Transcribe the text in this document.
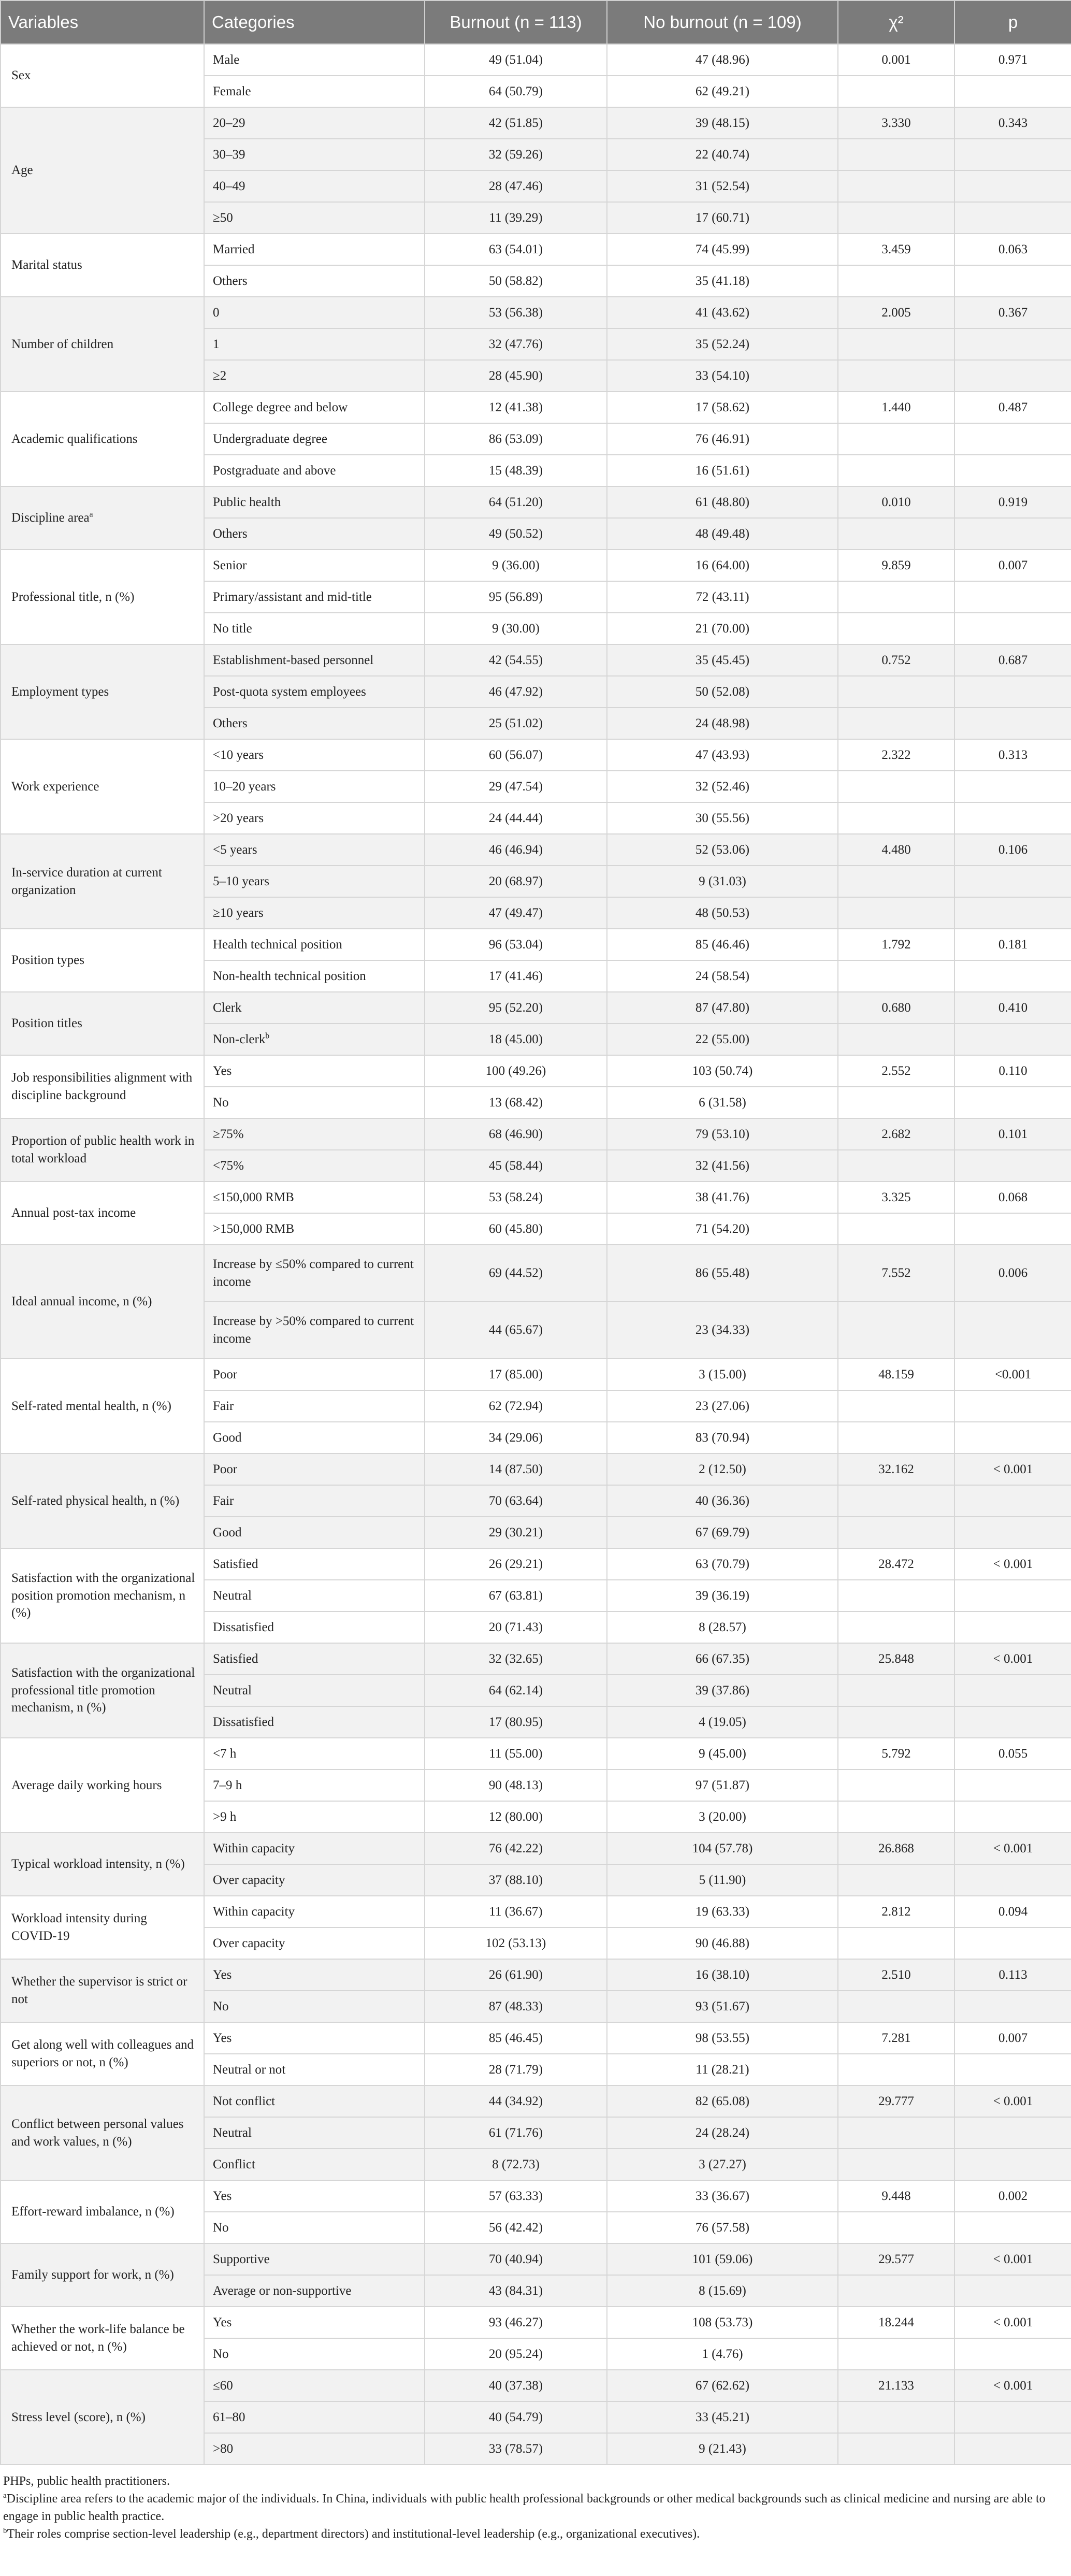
Variables	Categories	Burnout (n = 113)	No burnout (n = 109)	χ²	p
Sex	Male	49 (51.04)	47 (48.96)	0.001	0.971
	Female	64 (50.79)	62 (49.21)		
Age	20–29	42 (51.85)	39 (48.15)	3.330	0.343
	30–39	32 (59.26)	22 (40.74)		
	40–49	28 (47.46)	31 (52.54)		
	≥50	11 (39.29)	17 (60.71)		
Marital status	Married	63 (54.01)	74 (45.99)	3.459	0.063
	Others	50 (58.82)	35 (41.18)		
Number of children	0	53 (56.38)	41 (43.62)	2.005	0.367
	1	32 (47.76)	35 (52.24)		
	≥2	28 (45.90)	33 (54.10)		
Academic qualifications	College degree and below	12 (41.38)	17 (58.62)	1.440	0.487
	Undergraduate degree	86 (53.09)	76 (46.91)		
	Postgraduate and above	15 (48.39)	16 (51.61)		
Discipline area$^a$	Public health	64 (51.20)	61 (48.80)	0.010	0.919
	Others	49 (50.52)	48 (49.48)		
Professional title, n (%)	Senior	9 (36.00)	16 (64.00)	9.859	0.007
	Primary/assistant and mid-title	95 (56.89)	72 (43.11)		
	No title	9 (30.00)	21 (70.00)		
Employment types	Establishment-based personnel	42 (54.55)	35 (45.45)	0.752	0.687
	Post-quota system employees	46 (47.92)	50 (52.08)		
	Others	25 (51.02)	24 (48.98)		
Work experience	<10 years	60 (56.07)	47 (43.93)	2.322	0.313
	10–20 years	29 (47.54)	32 (52.46)		
	>20 years	24 (44.44)	30 (55.56)		
In-service duration at current organization	<5 years	46 (46.94)	52 (53.06)	4.480	0.106
	5–10 years	20 (68.97)	9 (31.03)		
	≥10 years	47 (49.47)	48 (50.53)		
Position types	Health technical position	96 (53.04)	85 (46.46)	1.792	0.181
	Non-health technical position	17 (41.46)	24 (58.54)		
Position titles	Clerk	95 (52.20)	87 (47.80)	0.680	0.410
	Non-clerk$^b$	18 (45.00)	22 (55.00)		
Job responsibilities alignment with discipline background	Yes	100 (49.26)	103 (50.74)	2.552	0.110
	No	13 (68.42)	6 (31.58)		
Proportion of public health work in total workload	≥75%	68 (46.90)	79 (53.10)	2.682	0.101
	<75%	45 (58.44)	32 (41.56)		
Annual post-tax income	≤150,000 RMB	53 (58.24)	38 (41.76)	3.325	0.068
	>150,000 RMB	60 (45.80)	71 (54.20)		
Ideal annual income, n (%)	Increase by ≤50% compared to current income	69 (44.52)	86 (55.48)	7.552	0.006
	Increase by >50% compared to current income	44 (65.67)	23 (34.33)		
Self-rated mental health, n (%)	Poor	17 (85.00)	3 (15.00)	48.159	<0.001
	Fair	62 (72.94)	23 (27.06)		
	Good	34 (29.06)	83 (70.94)		
Self-rated physical health, n (%)	Poor	14 (87.50)	2 (12.50)	32.162	< 0.001
	Fair	70 (63.64)	40 (36.36)		
	Good	29 (30.21)	67 (69.79)		
Satisfaction with the organizational position promotion mechanism, n (%)	Satisfied	26 (29.21)	63 (70.79)	28.472	< 0.001
	Neutral	67 (63.81)	39 (36.19)		
	Dissatisfied	20 (71.43)	8 (28.57)		
Satisfaction with the organizational professional title promotion mechanism, n (%)	Satisfied	32 (32.65)	66 (67.35)	25.848	< 0.001
	Neutral	64 (62.14)	39 (37.86)		
	Dissatisfied	17 (80.95)	4 (19.05)		
Average daily working hours	<7 h	11 (55.00)	9 (45.00)	5.792	0.055
	7–9 h	90 (48.13)	97 (51.87)		
	>9 h	12 (80.00)	3 (20.00)		
Typical workload intensity, n (%)	Within capacity	76 (42.22)	104 (57.78)	26.868	< 0.001
	Over capacity	37 (88.10)	5 (11.90)		
Workload intensity during COVID-19	Within capacity	11 (36.67)	19 (63.33)	2.812	0.094
	Over capacity	102 (53.13)	90 (46.88)		
Whether the supervisor is strict or not	Yes	26 (61.90)	16 (38.10)	2.510	0.113
	No	87 (48.33)	93 (51.67)		
Get along well with colleagues and superiors or not, n (%)	Yes	85 (46.45)	98 (53.55)	7.281	0.007
	Neutral or not	28 (71.79)	11 (28.21)		
Conflict between personal values and work values, n (%)	Not conflict	44 (34.92)	82 (65.08)	29.777	< 0.001
	Neutral	61 (71.76)	24 (28.24)		
	Conflict	8 (72.73)	3 (27.27)		
Effort-reward imbalance, n (%)	Yes	57 (63.33)	33 (36.67)	9.448	0.002
	No	56 (42.42)	76 (57.58)		
Family support for work, n (%)	Supportive	70 (40.94)	101 (59.06)	29.577	< 0.001
	Average or non-supportive	43 (84.31)	8 (15.69)		
Whether the work-life balance be achieved or not, n (%)	Yes	93 (46.27)	108 (53.73)	18.244	< 0.001
	No	20 (95.24)	1 (4.76)		
Stress level (score), n (%)	≤60	40 (37.38)	67 (62.62)	21.133	< 0.001
	61–80	40 (54.79)	33 (45.21)		
	>80	33 (78.57)	9 (21.43)		

PHPs, public health practitioners.

$^a$Discipline area refers to the academic major of the individuals. In China, individuals with public health professional backgrounds or other medical backgrounds such as clinical medicine and nursing are able to engage in public health practice.

$^b$Their roles comprise section-level leadership (e.g., department directors) and institutional-level leadership (e.g., organizational executives).
